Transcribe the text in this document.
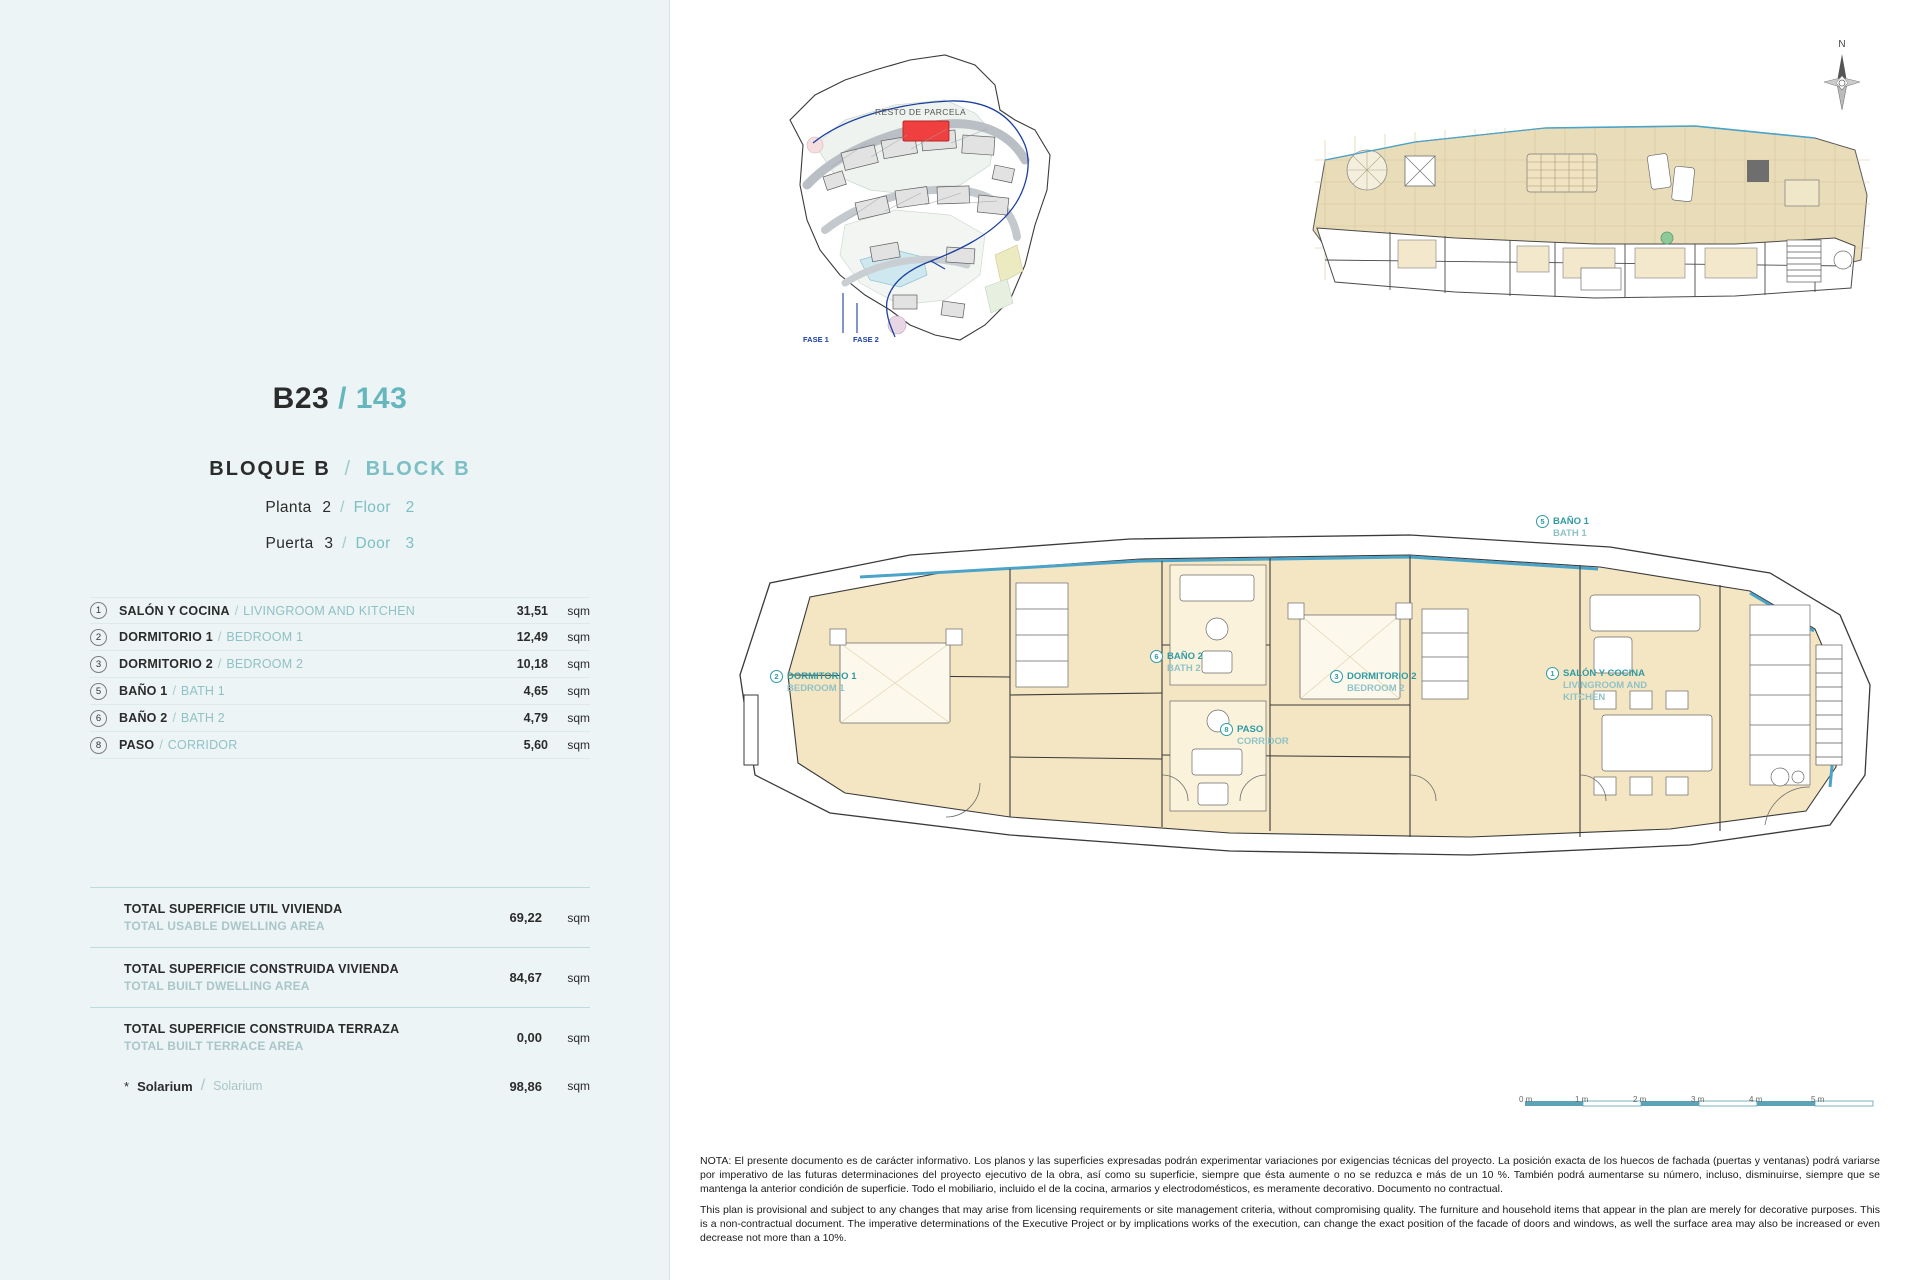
B23 / 143
BLOQUE B / BLOCK B
Planta 2 / Floor 2
Puerta 3 / Door 3
1	SALÓN Y COCINA / LIVINGROOM AND KITCHEN	31,51	sqm
2	DORMITORIO 1 / BEDROOM 1	12,49	sqm
3	DORMITORIO 2 / BEDROOM 2	10,18	sqm
5	BAÑO 1 / BATH 1	4,65	sqm
6	BAÑO 2 / BATH 2	4,79	sqm
8	PASO / CORRIDOR	5,60	sqm
TOTAL SUPERFICIE UTIL VIVIENDA
TOTAL USABLE DWELLING AREA
69,22	sqm
TOTAL SUPERFICIE CONSTRUIDA VIVIENDA
TOTAL BUILT DWELLING AREA
84,67	sqm
TOTAL SUPERFICIE CONSTRUIDA TERRAZA
TOTAL BUILT TERRACE AREA
0,00	sqm
* Solarium / Solarium	98,86	sqm
N
RESTO DE PARCELA
FASE 1	FASE 2
5 BAÑO 1
BATH 1
2 DORMITORIO 1
BEDROOM 1
6 BAÑO 2
BATH 2
3 DORMITORIO 2
BEDROOM 2
8 PASO
CORRIDOR
1 SALÓN Y COCINA
LIVINGROOM AND KITCHEN
0 m	1 m	2 m	3 m	4 m	5 m
NOTA: El presente documento es de carácter informativo. Los planos y las superficies expresadas podrán experimentar variaciones por exigencias técnicas del proyecto. La posición exacta de los huecos de fachada (puertas y ventanas) podrá variarse por imperativo de las futuras determinaciones del proyecto ejecutivo de la obra, así como su superficie, siempre que ésta aumente o no se reduzca e más de un 10 %. También podrá aumentarse su número, incluso, disminuirse, siempre que se mantenga la anterior condición de superficie. Todo el mobiliario, incluido el de la cocina, armarios y electrodomésticos, es meramente decorativo. Documento no contractual.
This plan is provisional and subject to any changes that may arise from licensing requirements or site management criteria, without compromising quality. The furniture and household items that appear in the plan are merely for decorative purposes. This is a non-contractual document. The imperative determinations of the Executive Project or by implications works of the execution, can change the exact position of the facade of doors and windows, as well the surface area may also be increased or even decrease not more than a 10%.
